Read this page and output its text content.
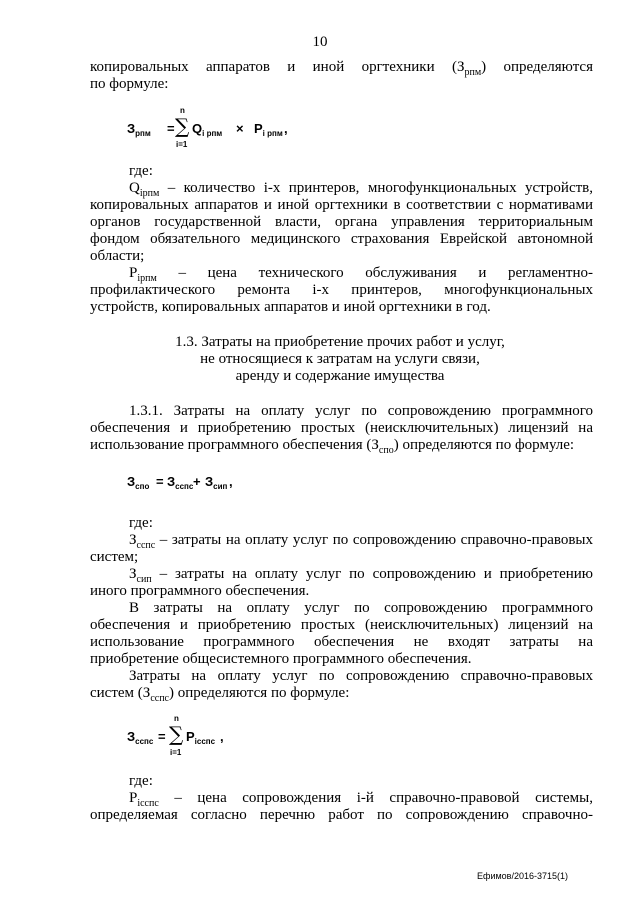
10
копировальных аппаратов и иной оргтехники $(З_{рпм})$ определяются
по формуле:
$З_{рпм}$ =
n
∑
i=1
$Q_{i рпм} \times P_{i рпм}$ ,
где:
$Q_{iрпм}$ – количество i-х принтеров, многофункциональных устройств,
копировальных аппаратов и иной оргтехники в соответствии с нормативами
органов государственной власти, органа управления территориальным
фондом обязательного медицинского страхования Еврейской автономной
области;
$P_{iрпм}$ – цена технического обслуживания и регламентно-
профилактического ремонта i-х принтеров, многофункциональных
устройств, копировальных аппаратов и иной оргтехники в год.
1.3. Затраты на приобретение прочих работ и услуг,
не относящиеся к затратам на услуги связи,
аренду и содержание имущества
1.3.1. Затраты на оплату услуг по сопровождению программного
обеспечения и приобретению простых (неисключительных) лицензий на
использование программного обеспечения $(З_{спо})$ определяются по формуле:
$З_{спо} = З_{сспс} + З_{сип}$ ,
где:
$З_{сспс}$ – затраты на оплату услуг по сопровождению справочно-правовых
систем;
$З_{сип}$ – затраты на оплату услуг по сопровождению и приобретению
иного программного обеспечения.
В затраты на оплату услуг по сопровождению программного
обеспечения и приобретению простых (неисключительных) лицензий на
использование программного обеспечения не входят затраты на
приобретение общесистемного программного обеспечения.
Затраты на оплату услуг по сопровождению справочно-правовых
систем $(З_{сспс})$ определяются по формуле:
$З_{сспс}$ =
n
∑
i=1
$P_{iсспс}$ ,
где:
$P_{iсспс}$ – цена сопровождения i-й справочно-правовой системы,
определяемая согласно перечню работ по сопровождению справочно-
Ефимов/2016-3715(1)
